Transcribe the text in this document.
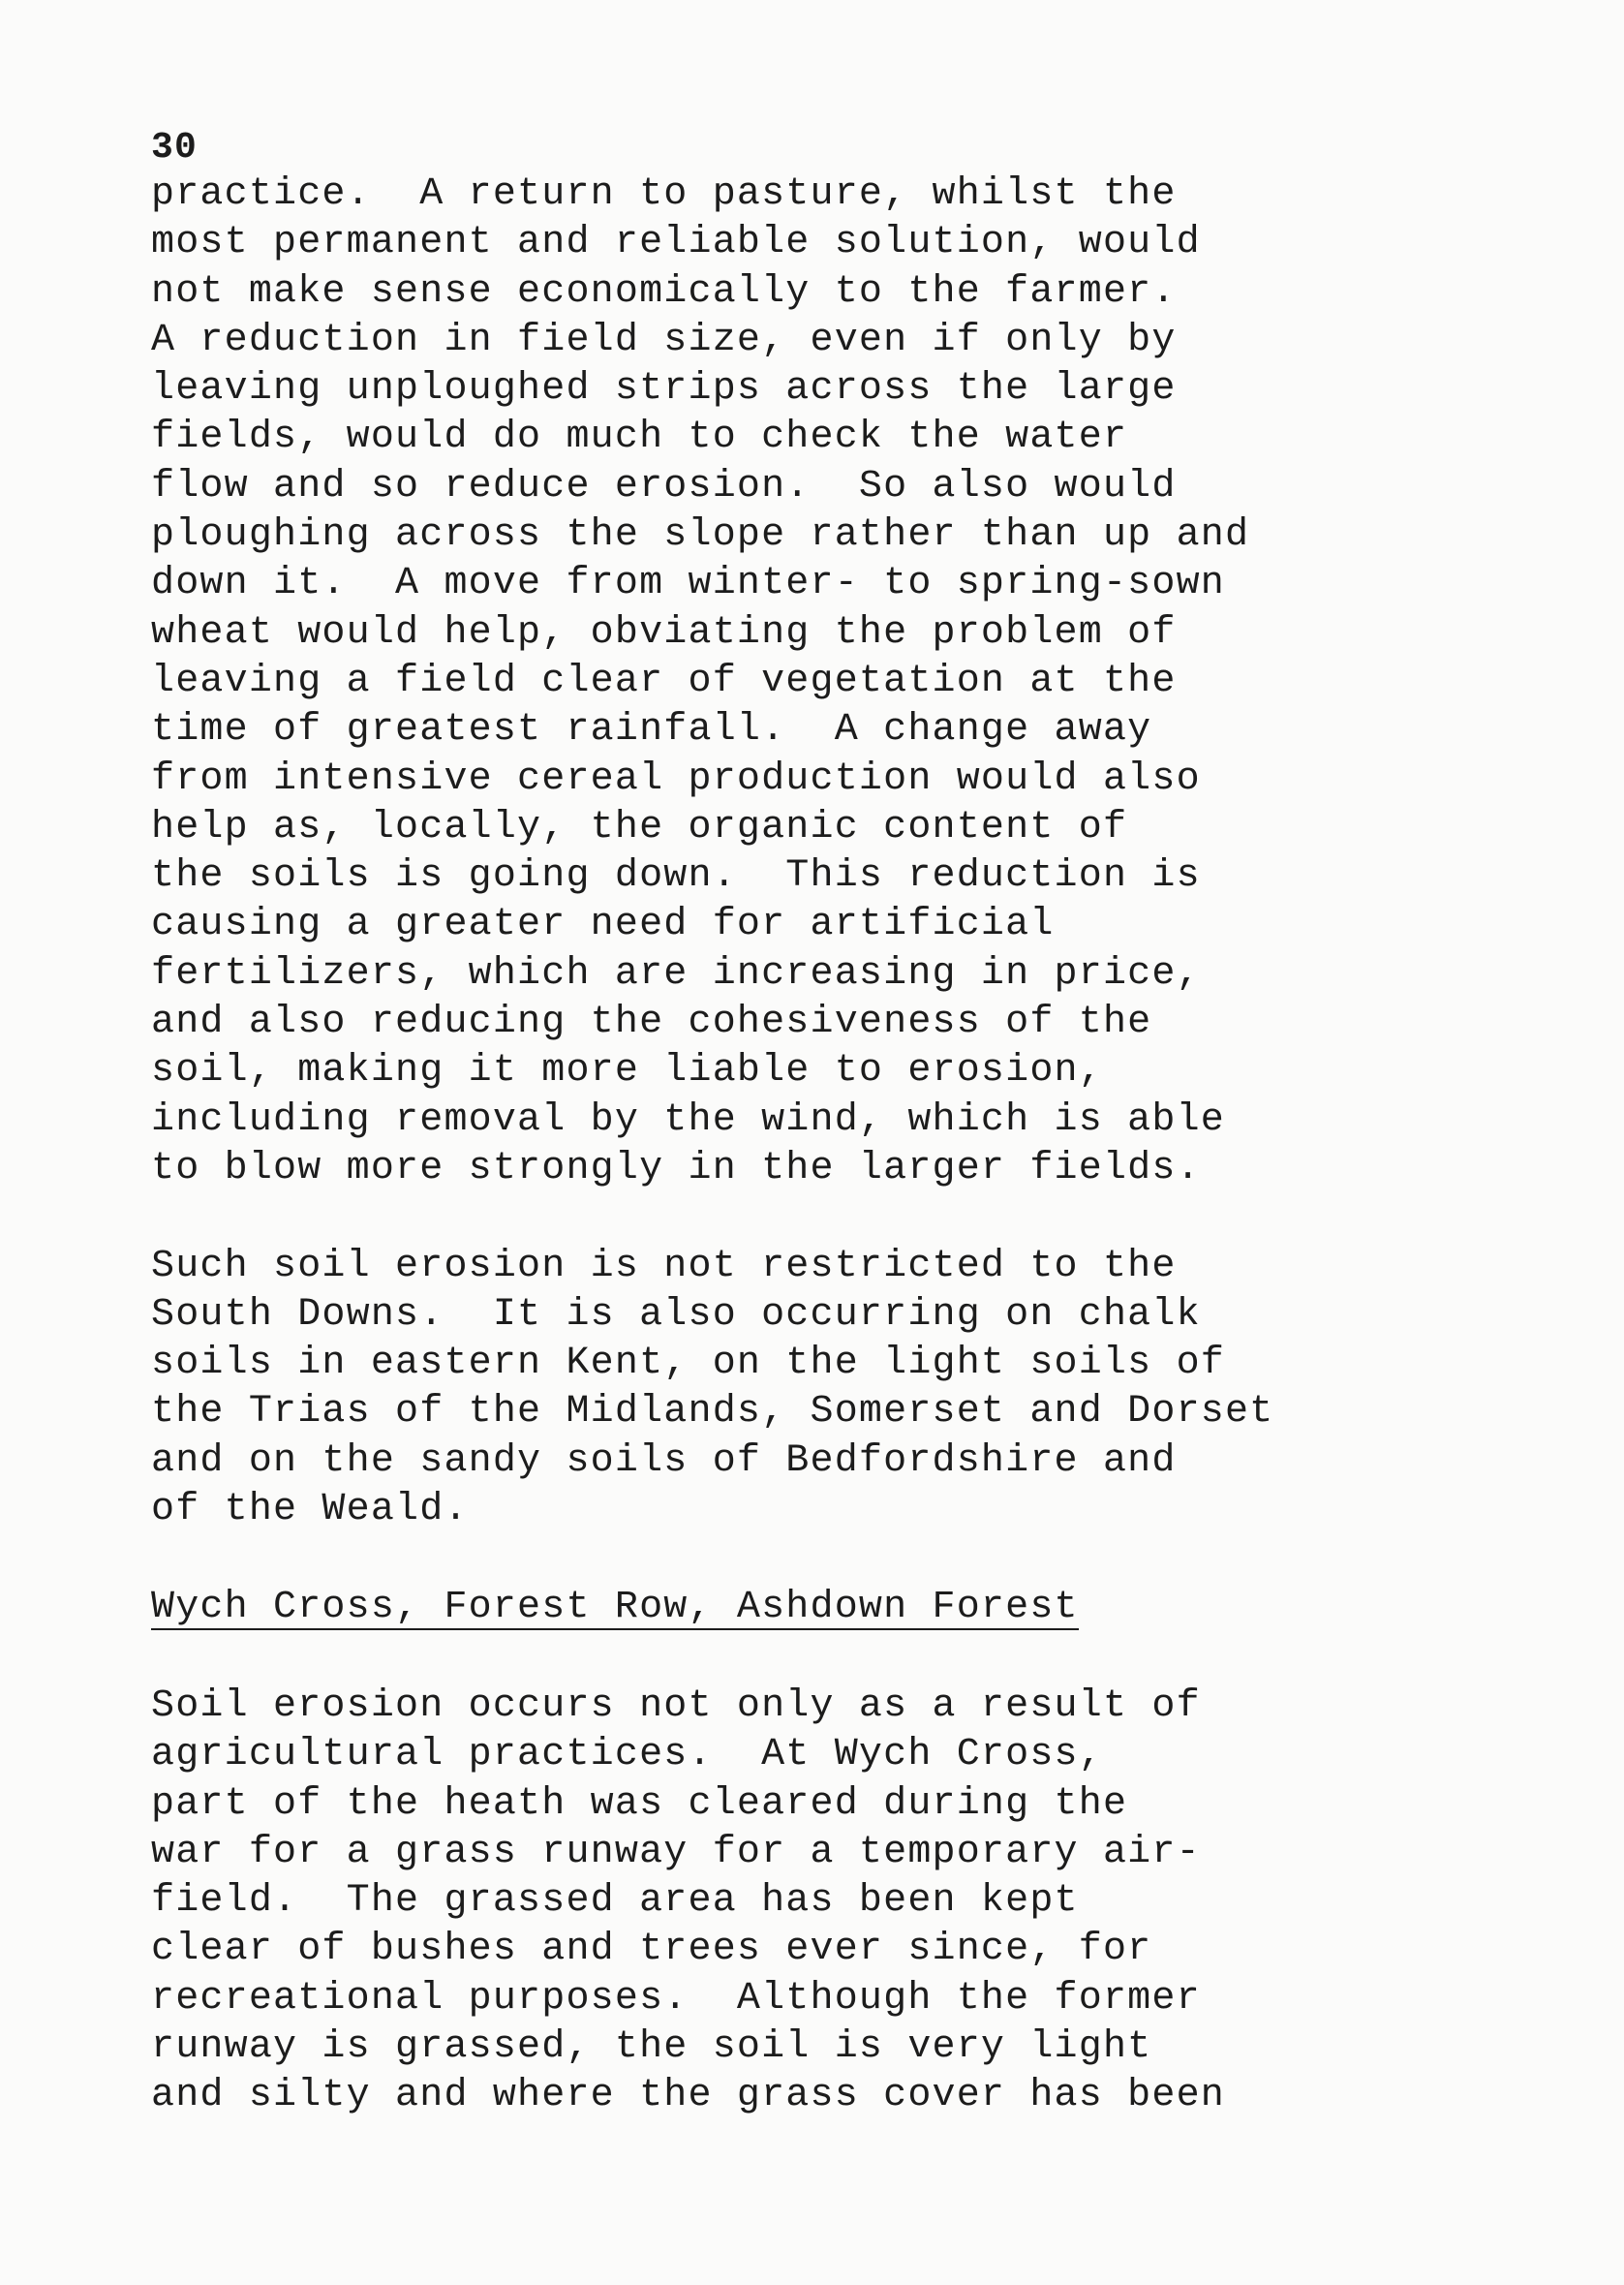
30
practice.  A return to pasture, whilst the
most permanent and reliable solution, would
not make sense economically to the farmer.
A reduction in field size, even if only by
leaving unploughed strips across the large
fields, would do much to check the water
flow and so reduce erosion.  So also would
ploughing across the slope rather than up and
down it.  A move from winter- to spring-sown
wheat would help, obviating the problem of
leaving a field clear of vegetation at the
time of greatest rainfall.  A change away
from intensive cereal production would also
help as, locally, the organic content of
the soils is going down.  This reduction is
causing a greater need for artificial
fertilizers, which are increasing in price,
and also reducing the cohesiveness of the
soil, making it more liable to erosion,
including removal by the wind, which is able
to blow more strongly in the larger fields.
Such soil erosion is not restricted to the
South Downs.  It is also occurring on chalk
soils in eastern Kent, on the light soils of
the Trias of the Midlands, Somerset and Dorset
and on the sandy soils of Bedfordshire and
of the Weald.
Wych Cross, Forest Row, Ashdown Forest
Soil erosion occurs not only as a result of
agricultural practices.  At Wych Cross,
part of the heath was cleared during the
war for a grass runway for a temporary air-
field.  The grassed area has been kept
clear of bushes and trees ever since, for
recreational purposes.  Although the former
runway is grassed, the soil is very light
and silty and where the grass cover has been
